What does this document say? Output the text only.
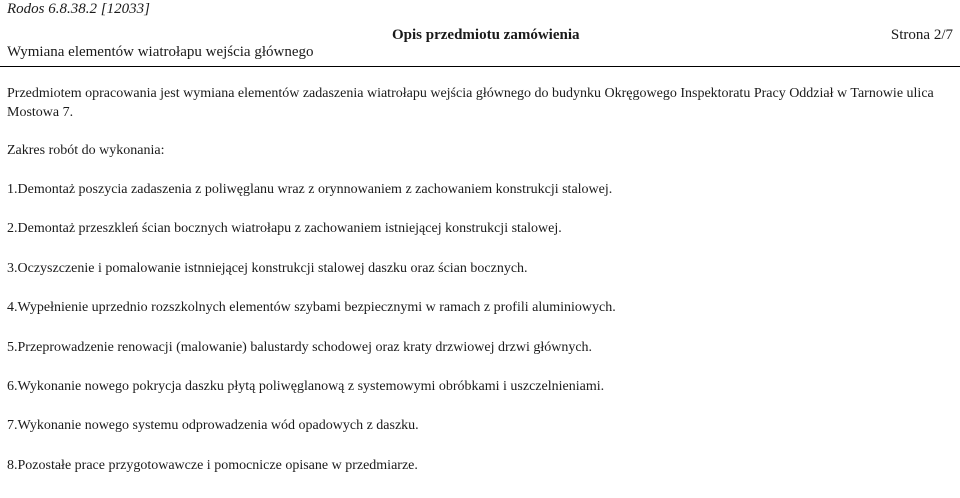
Rodos 6.8.38.2 [12033]
Wymiana elementów wiatrołapu wejścia głównego
Opis przedmiotu zamówienia	Strona 2/7

Przedmiotem opracowania jest wymiana elementów zadaszenia wiatrołapu wejścia głównego do budynku Okręgowego Inspektoratu Pracy Oddział w Tarnowie ulica Mostowa 7.

Zakres robót do wykonania:

1.Demontaż poszycia zadaszenia z poliwęglanu wraz z orynnowaniem z zachowaniem konstrukcji stalowej.
2.Demontaż przeszkleń ścian bocznych wiatrołapu z zachowaniem istniejącej konstrukcji stalowej.
3.Oczyszczenie i pomalowanie istnniejącej konstrukcji stalowej daszku oraz ścian bocznych.
4.Wypełnienie uprzednio rozszkolnych elementów szybami bezpiecznymi w ramach z profili aluminiowych.
5.Przeprowadzenie renowacji (malowanie) balustardy schodowej oraz kraty drzwiowej drzwi głównych.
6.Wykonanie nowego pokrycja daszku płytą poliwęglanową z systemowymi obróbkami i uszczelnieniami.
7.Wykonanie nowego systemu odprowadzenia wód opadowych z daszku.
8.Pozostałe prace przygotowawcze i pomocnicze opisane w przedmiarze.
